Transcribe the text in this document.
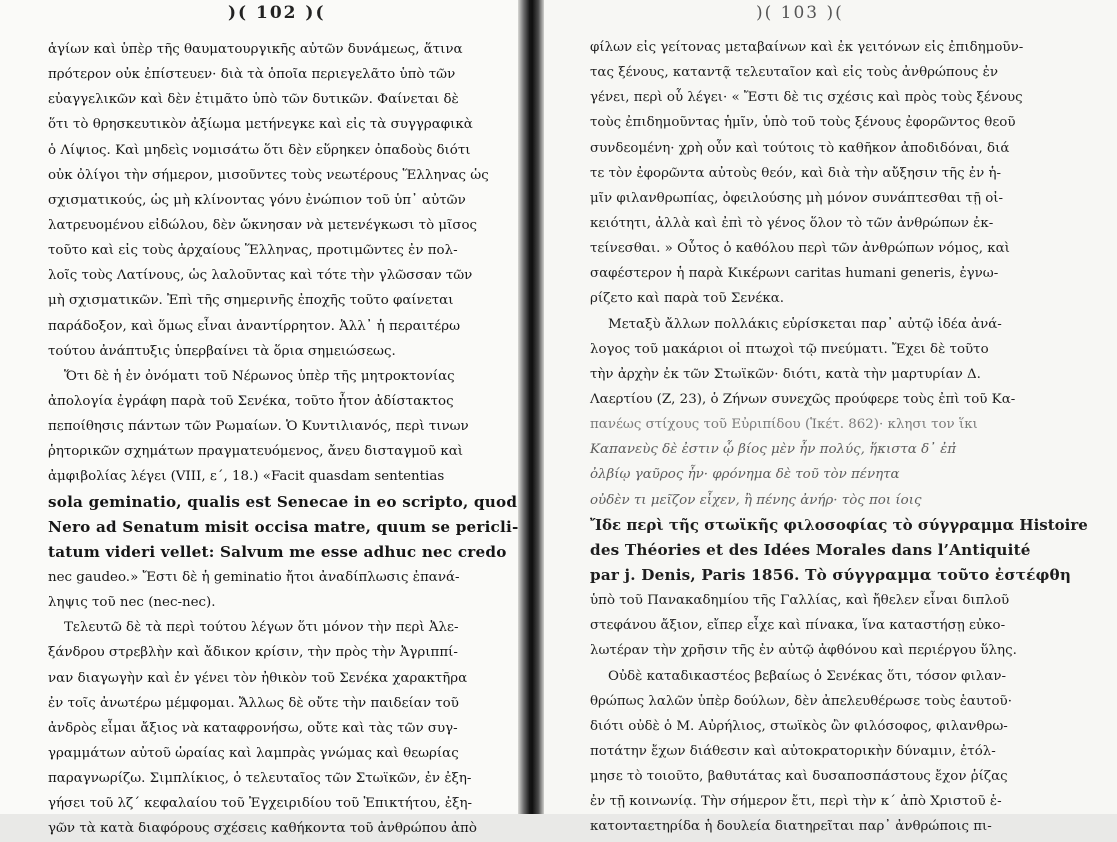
)( 102 )(
ἁγίων καὶ ὑπὲρ τῆς θαυματουργικῆς αὐτῶν δυνάμεως, ἅτινα
πρότερον οὐκ ἐπίστευεν· διὰ τὰ ὁποῖα περιεγελᾶτο ὑπὸ τῶν
εὐαγγελικῶν καὶ δὲν ἐτιμᾶτο ὑπὸ τῶν δυτικῶν. Φαίνεται δὲ
ὅτι τὸ θρησκευτικὸν ἀξίωμα μετήνεγκε καὶ εἰς τὰ συγγραφικὰ
ὁ Λίψιος. Καὶ μηδεὶς νομισάτω ὅτι δὲν εὕρηκεν ὀπαδοὺς διότι
οὐκ ὀλίγοι τὴν σήμερον, μισοῦντες τοὺς νεωτέρους Ἕλληνας ὡς
σχισματικούς, ὡς μὴ κλίνοντας γόνυ ἐνώπιον τοῦ ὑπ᾽ αὐτῶν
λατρευομένου εἰδώλου, δὲν ὤκνησαν νὰ μετενέγκωσι τὸ μῖσος
τοῦτο καὶ εἰς τοὺς ἀρχαίους Ἕλληνας, προτιμῶντες ἐν πολ-
λοῖς τοὺς Λατίνους, ὡς λαλοῦντας καὶ τότε τὴν γλῶσσαν τῶν
μὴ σχισματικῶν. Ἐπὶ τῆς σημερινῆς ἐποχῆς τοῦτο φαίνεται
παράδοξον, καὶ ὅμως εἶναι ἀναντίρρητον. Ἀλλ᾽ ἡ περαιτέρω
τούτου ἀνάπτυξις ὑπερβαίνει τὰ ὅρια σημειώσεως.
Ὅτι δὲ ἡ ἐν ὀνόματι τοῦ Νέρωνος ὑπὲρ τῆς μητροκτονίας
ἀπολογία ἐγράφη παρὰ τοῦ Σενέκα, τοῦτο ἦτον ἀδίστακτος
πεποίθησις πάντων τῶν Ρωμαίων. Ὁ Κυντιλιανός, περὶ τινων
ῥητορικῶν σχημάτων πραγματευόμενος, ἄνευ δισταγμοῦ καὶ
ἀμφιβολίας λέγει (VIII, ε΄, 18.) «Facit quasdam sententias
sola geminatio, qualis est Senecae in eo scripto, quod
Nero ad Senatum misit occisa matre, quum se pericli-
tatum videri vellet: Salvum me esse adhuc nec credo
nec gaudeo.» Ἔστι δὲ ἡ geminatio ἤτοι ἀναδίπλωσις ἐπανά-
ληψις τοῦ nec (nec-nec).
Τελευτῶ δὲ τὰ περὶ τούτου λέγων ὅτι μόνον τὴν περὶ Ἀλε-
ξάνδρου στρεβλὴν καὶ ἄδικον κρίσιν, τὴν πρὸς τὴν Ἀγριππί-
ναν διαγωγὴν καὶ ἐν γένει τὸν ἠθικὸν τοῦ Σενέκα χαρακτῆρα
ἐν τοῖς ἀνωτέρω μέμφομαι. Ἄλλως δὲ οὔτε τὴν παιδείαν τοῦ
ἀνδρὸς εἶμαι ἄξιος νὰ καταφρονήσω, οὔτε καὶ τὰς τῶν συγ-
γραμμάτων αὐτοῦ ὡραίας καὶ λαμπρὰς γνώμας καὶ θεωρίας
παραγνωρίζω. Σιμπλίκιος, ὁ τελευταῖος τῶν Στωϊκῶν, ἐν ἐξη-
γήσει τοῦ λζ΄ κεφαλαίου τοῦ Ἐγχειριδίου τοῦ Ἐπικτήτου, ἐξη-
γῶν τὰ κατὰ διαφόρους σχέσεις καθήκοντα τοῦ ἀνθρώπου ἀπὸ
)( 103 )(
φίλων εἰς γείτονας μεταβαίνων καὶ ἐκ γειτόνων εἰς ἐπιδημοῦν-
τας ξένους, καταντᾷ τελευταῖον καὶ εἰς τοὺς ἀνθρώπους ἐν
γένει, περὶ οὗ λέγει· « Ἔστι δὲ τις σχέσις καὶ πρὸς τοὺς ξένους
τοὺς ἐπιδημοῦντας ἡμῖν, ὑπὸ τοῦ τοὺς ξένους ἐφορῶντος θεοῦ
συνδεομένη· χρὴ οὖν καὶ τούτοις τὸ καθῆκον ἀποδιδόναι, διά
τε τὸν ἐφορῶντα αὐτοὺς θεόν, καὶ διὰ τὴν αὔξησιν τῆς ἐν ἡ-
μῖν φιλανθρωπίας, ὀφειλούσης μὴ μόνον συνάπτεσθαι τῇ οἰ-
κειότητι, ἀλλὰ καὶ ἐπὶ τὸ γένος ὅλον τὸ τῶν ἀνθρώπων ἐκ-
τείνεσθαι. » Οὗτος ὁ καθόλου περὶ τῶν ἀνθρώπων νόμος, καὶ
σαφέστερον ἡ παρὰ Κικέρωνι caritas humani generis, ἐγνω-
ρίζετο καὶ παρὰ τοῦ Σενέκα.
Μεταξὺ ἄλλων πολλάκις εὑρίσκεται παρ᾽ αὐτῷ ἰδέα ἀνά-
λογος τοῦ μακάριοι οἱ πτωχοὶ τῷ πνεύματι. Ἔχει δὲ τοῦτο
τὴν ἀρχὴν ἐκ τῶν Στωϊκῶν· διότι, κατὰ τὴν μαρτυρίαν Δ.
Λαερτίου (Ζ, 23), ὁ Ζήνων συνεχῶς προύφερε τοὺς ἐπὶ τοῦ Κα-
πανέως στίχους τοῦ Εὐριπίδου (Ἱκέτ. 862)· κλησι τον ἵκι
Καπανεὺς δὲ ἐστιν ᾧ βίος μὲν ἦν πολύς, ἥκιστα δ᾽ ἐπ̓
ὀλβίῳ γαῦρος ἦν· φρόνημα δὲ τοῦ τὸν πένητα
οὐδὲν τι μεῖζον εἶχεν, ἢ πένης ἀνήρ· τὸς ποι ίοις
Ἴδε περὶ τῆς στωϊκῆς φιλοσοφίας τὸ σύγγραμμα Histoire
des Théories et des Idées Morales dans l’Antiquité
par j. Denis, Paris 1856. Τὸ σύγγραμμα τοῦτο ἐστέφθη
ὑπὸ τοῦ Πανακαδημίου τῆς Γαλλίας, καὶ ἤθελεν εἶναι διπλοῦ
στεφάνου ἄξιον, εἴπερ εἶχε καὶ πίνακα, ἵνα καταστήσῃ εὐκο-
λωτέραν τὴν χρῆσιν τῆς ἐν αὐτῷ ἀφθόνου καὶ περιέργου ὕλης.
Οὐδὲ καταδικαστέος βεβαίως ὁ Σενέκας ὅτι, τόσον φιλαν-
θρώπως λαλῶν ὑπὲρ δούλων, δὲν ἀπελευθέρωσε τοὺς ἑαυτοῦ·
διότι οὐδὲ ὁ Μ. Αὐρήλιος, στωϊκὸς ὢν φιλόσοφος, φιλανθρω-
ποτάτην ἔχων διάθεσιν καὶ αὐτοκρατορικὴν δύναμιν, ἐτόλ-
μησε τὸ τοιοῦτο, βαθυτάτας καὶ δυσαποσπάστους ἔχον ῥίζας
ἐν τῇ κοινωνίᾳ. Τὴν σήμερον ἔτι, περὶ τὴν κ΄ ἀπὸ Χριστοῦ ἑ-
κατονταετηρίδα ἡ δουλεία διατηρεῖται παρ᾽ ἀνθρώποις πι-
